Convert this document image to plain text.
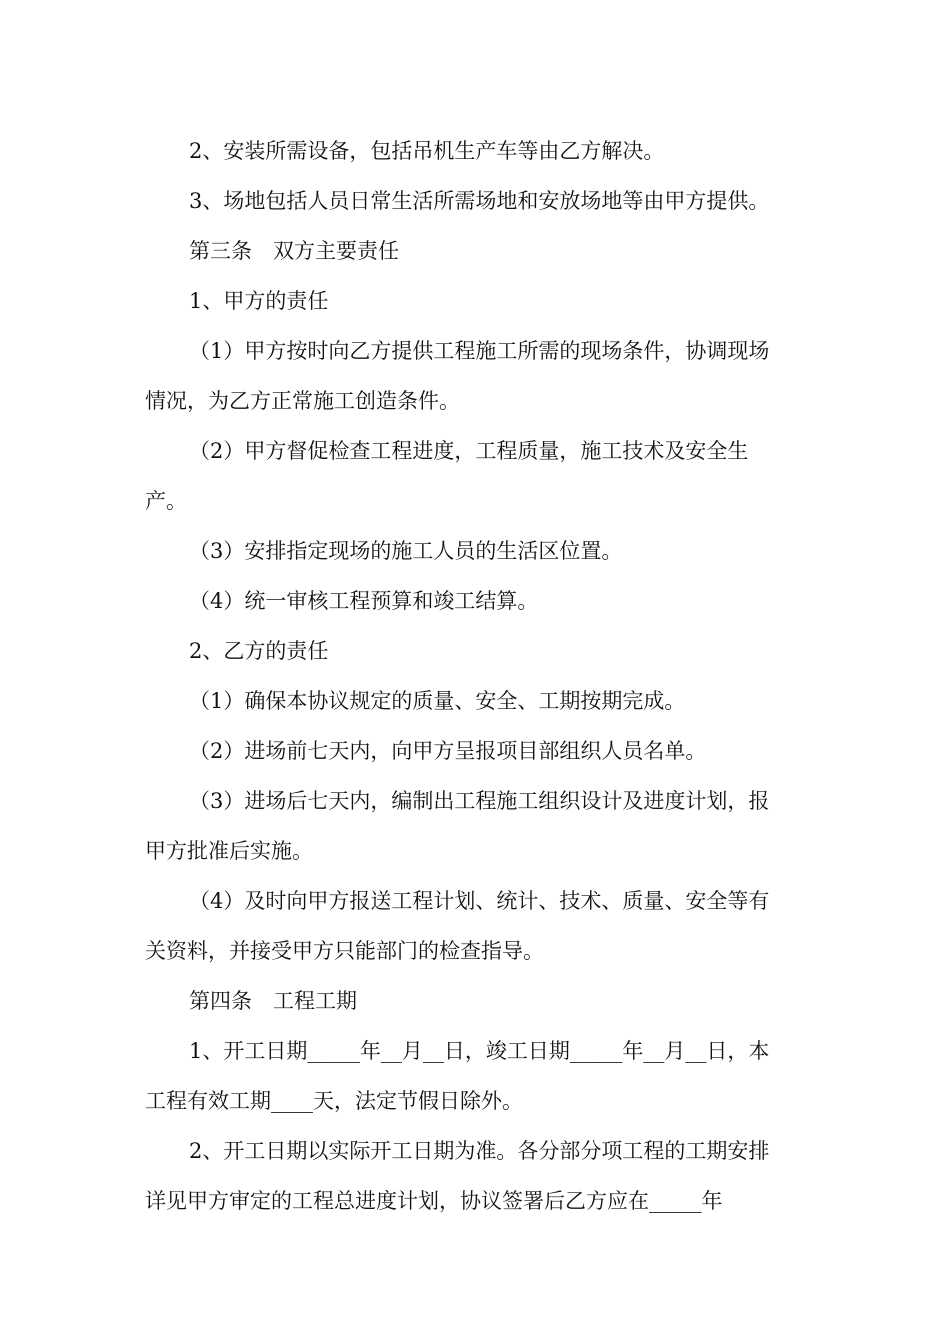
2、安装所需设备，包括吊机生产车等由乙方解决。
3、场地包括人员日常生活所需场地和安放场地等由甲方提供。
第三条　双方主要责任
1、甲方的责任
（1）甲方按时向乙方提供工程施工所需的现场条件，协调现场
情况，为乙方正常施工创造条件。
（2）甲方督促检查工程进度，工程质量，施工技术及安全生
产。
（3）安排指定现场的施工人员的生活区位置。
（4）统一审核工程预算和竣工结算。
2、乙方的责任
（1）确保本协议规定的质量、安全、工期按期完成。
（2）进场前七天内，向甲方呈报项目部组织人员名单。
（3）进场后七天内，编制出工程施工组织设计及进度计划，报
甲方批准后实施。
（4）及时向甲方报送工程计划、统计、技术、质量、安全等有
关资料，并接受甲方只能部门的检查指导。
第四条　工程工期
1、开工日期_____年__月__日，竣工日期_____年__月__日，本
工程有效工期____天，法定节假日除外。
2、开工日期以实际开工日期为准。各分部分项工程的工期安排
详见甲方审定的工程总进度计划，协议签署后乙方应在_____年
